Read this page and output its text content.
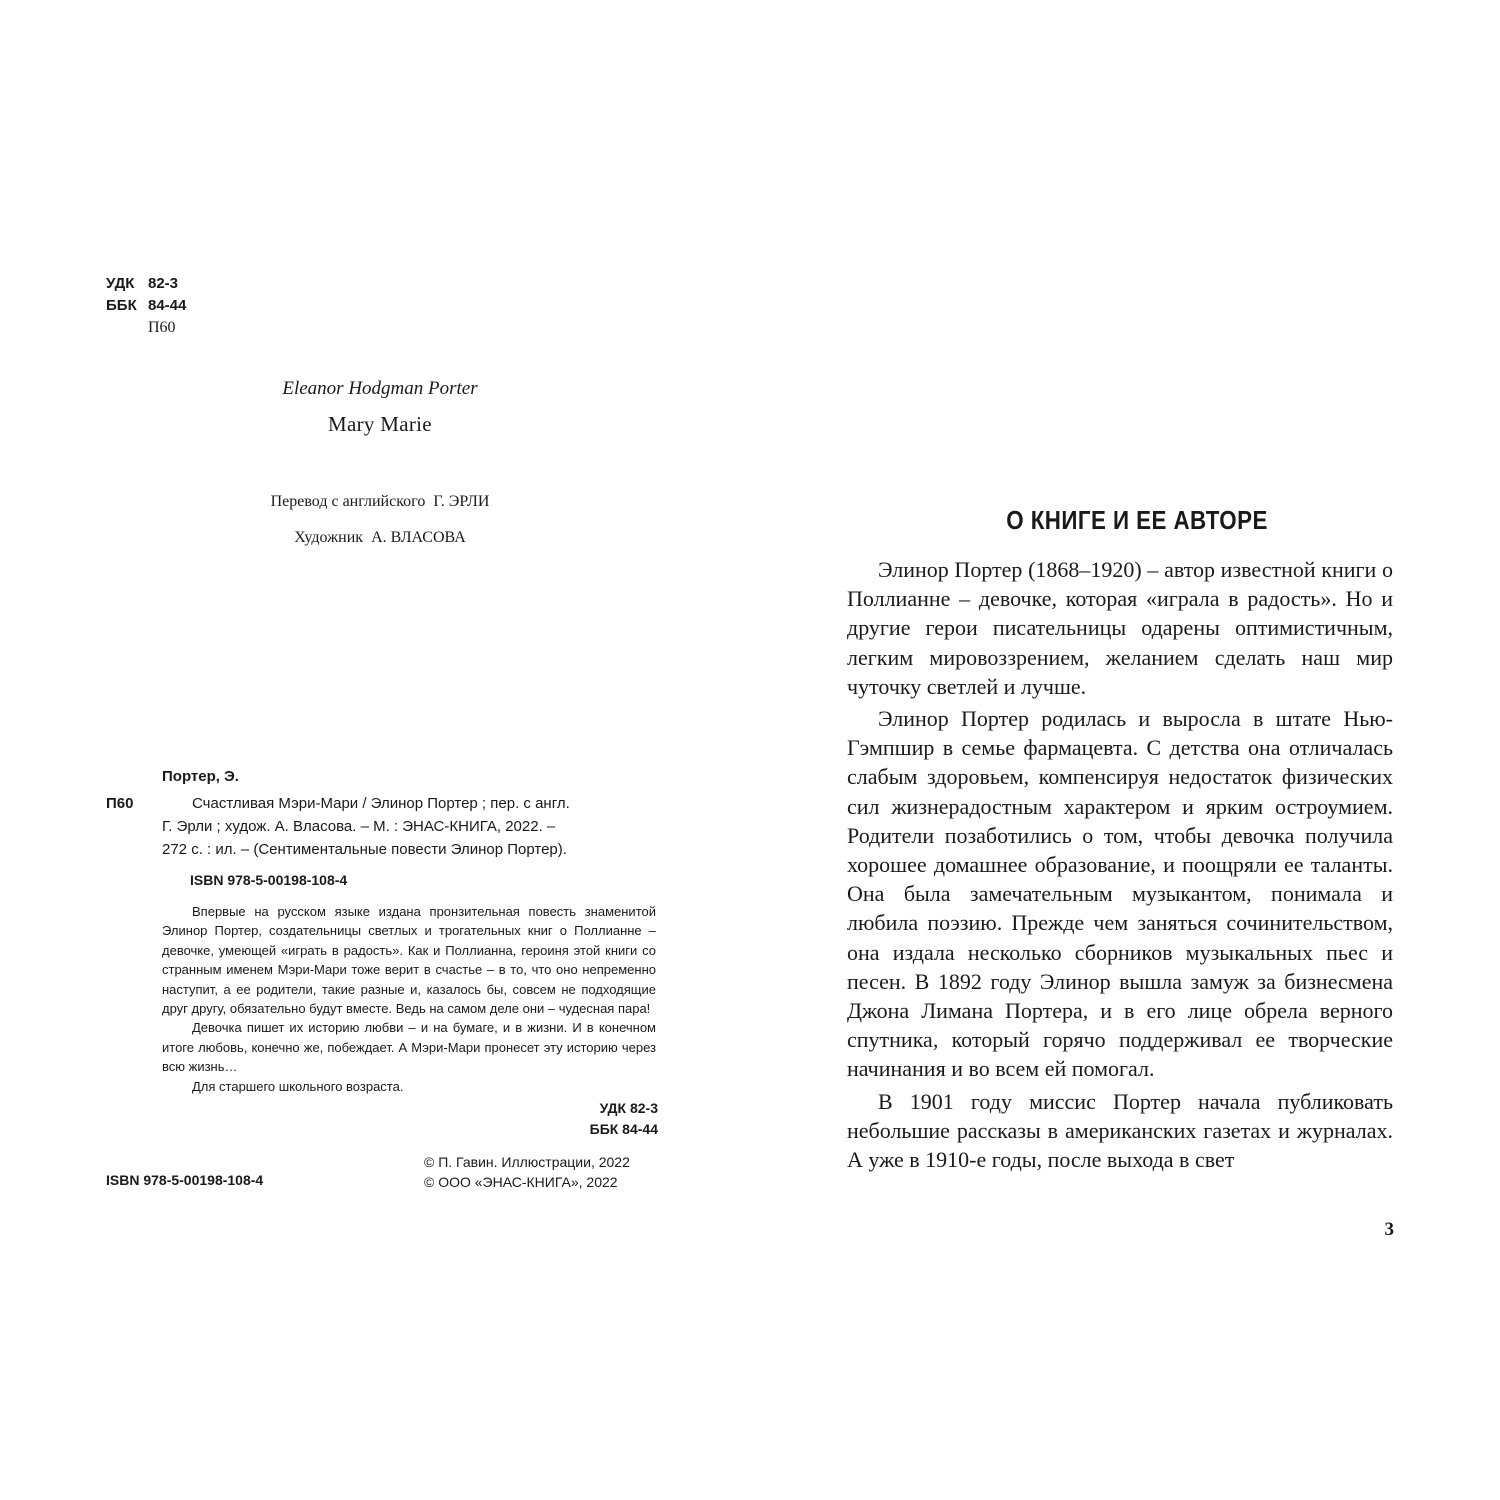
УДК 82-3
ББК 84-44
П60
Eleanor Hodgman Porter
Mary Marie
Перевод с английского Г. ЭРЛИ
Художник А. ВЛАСОВА
Портер, Э.
П60	Счастливая Мэри-Мари / Элинор Портер ; пер. с англ.
Г. Эрли ; худож. А. Власова. – М. : ЭНАС-КНИГА, 2022. –
272 с. : ил. – (Сентиментальные повести Элинор Портер).
ISBN 978-5-00198-108-4

Впервые на русском языке издана пронзительная повесть знаменитой Элинор Портер, создательницы светлых и трогательных книг о Поллианне – девочке, умеющей «играть в радость». Как и Поллианна, героиня этой книги со странным именем Мэри-Мари тоже верит в счастье – в то, что оно непременно наступит, а ее родители, такие разные и, казалось бы, совсем не подходящие друг другу, обязательно будут вместе. Ведь на самом деле они – чудесная пара!

Девочка пишет их историю любви – и на бумаге, и в жизни. И в конечном итоге любовь, конечно же, побеждает. А Мэри-Мари пронесет эту историю через всю жизнь…

Для старшего школьного возраста.

УДК 82-3
ББК 84-44
ISBN 978-5-00198-108-4
© П. Гавин. Иллюстрации, 2022
© ООО «ЭНАС-КНИГА», 2022
О КНИГЕ И ЕЕ АВТОРЕ

Элинор Портер (1868–1920) – автор известной книги о Поллианне – девочке, которая «играла в радость». Но и другие герои писательницы одарены оптимистичным, легким мировоззрением, желанием сделать наш мир чуточку светлей и лучше.

Элинор Портер родилась и выросла в штате Нью-Гэмпшир в семье фармацевта. С детства она отличалась слабым здоровьем, компенсируя недостаток физических сил жизнерадостным характером и ярким остроумием. Родители позаботились о том, чтобы девочка получила хорошее домашнее образование, и поощряли ее таланты. Она была замечательным музыкантом, понимала и любила поэзию. Прежде чем заняться сочинительством, она издала несколько сборников музыкальных пьес и песен. В 1892 году Элинор вышла замуж за бизнесмена Джона Лимана Портера, и в его лице обрела верного спутника, который горячо поддерживал ее творческие начинания и во всем ей помогал.

В 1901 году миссис Портер начала публиковать небольшие рассказы в американских газетах и журналах. А уже в 1910-е годы, после выхода в свет

3
